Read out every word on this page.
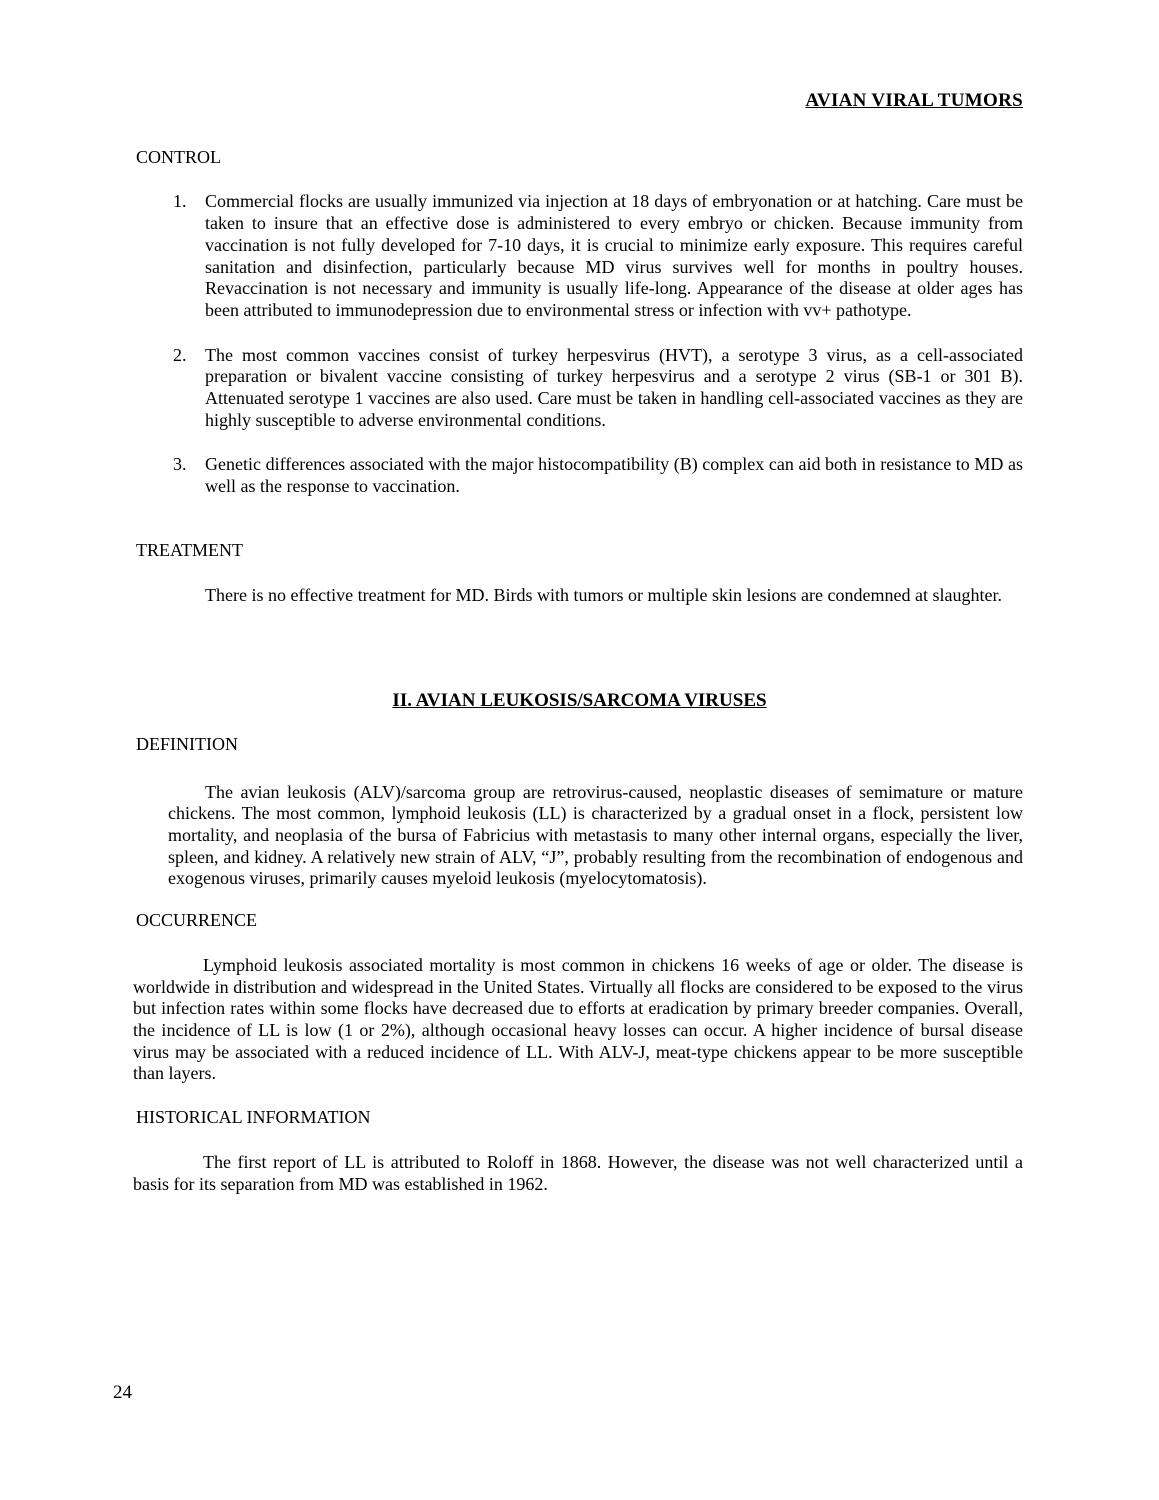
AVIAN VIRAL TUMORS
CONTROL
1.	Commercial flocks are usually immunized via injection at 18 days of embryonation or at hatching. Care must be taken to insure that an effective dose is administered to every embryo or chicken. Because immunity from vaccination is not fully developed for 7-10 days, it is crucial to minimize early exposure. This requires careful sanitation and disinfection, particularly because MD virus survives well for months in poultry houses. Revaccination is not necessary and immunity is usually life-long. Appearance of the disease at older ages has been attributed to immunodepression due to environmental stress or infection with vv+ pathotype.
2.	The most common vaccines consist of turkey herpesvirus (HVT), a serotype 3 virus, as a cell-associated preparation or bivalent vaccine consisting of turkey herpesvirus and a serotype 2 virus (SB-1 or 301 B). Attenuated serotype 1 vaccines are also used. Care must be taken in handling cell-associated vaccines as they are highly susceptible to adverse environmental conditions.
3.	Genetic differences associated with the major histocompatibility (B) complex can aid both in resistance to MD as well as the response to vaccination.
TREATMENT
There is no effective treatment for MD. Birds with tumors or multiple skin lesions are condemned at slaughter.
II. AVIAN LEUKOSIS/SARCOMA VIRUSES
DEFINITION
The avian leukosis (ALV)/sarcoma group are retrovirus-caused, neoplastic diseases of semimature or mature chickens. The most common, lymphoid leukosis (LL) is characterized by a gradual onset in a flock, persistent low mortality, and neoplasia of the bursa of Fabricius with metastasis to many other internal organs, especially the liver, spleen, and kidney. A relatively new strain of ALV, “J”, probably resulting from the recombination of endogenous and exogenous viruses, primarily causes myeloid leukosis (myelocytomatosis).
OCCURRENCE
Lymphoid leukosis associated mortality is most common in chickens 16 weeks of age or older. The disease is worldwide in distribution and widespread in the United States. Virtually all flocks are considered to be exposed to the virus but infection rates within some flocks have decreased due to efforts at eradication by primary breeder companies. Overall, the incidence of LL is low (1 or 2%), although occasional heavy losses can occur. A higher incidence of bursal disease virus may be associated with a reduced incidence of LL. With ALV-J, meat-type chickens appear to be more susceptible than layers.
HISTORICAL INFORMATION
The first report of LL is attributed to Roloff in 1868. However, the disease was not well characterized until a basis for its separation from MD was established in 1962.
24
